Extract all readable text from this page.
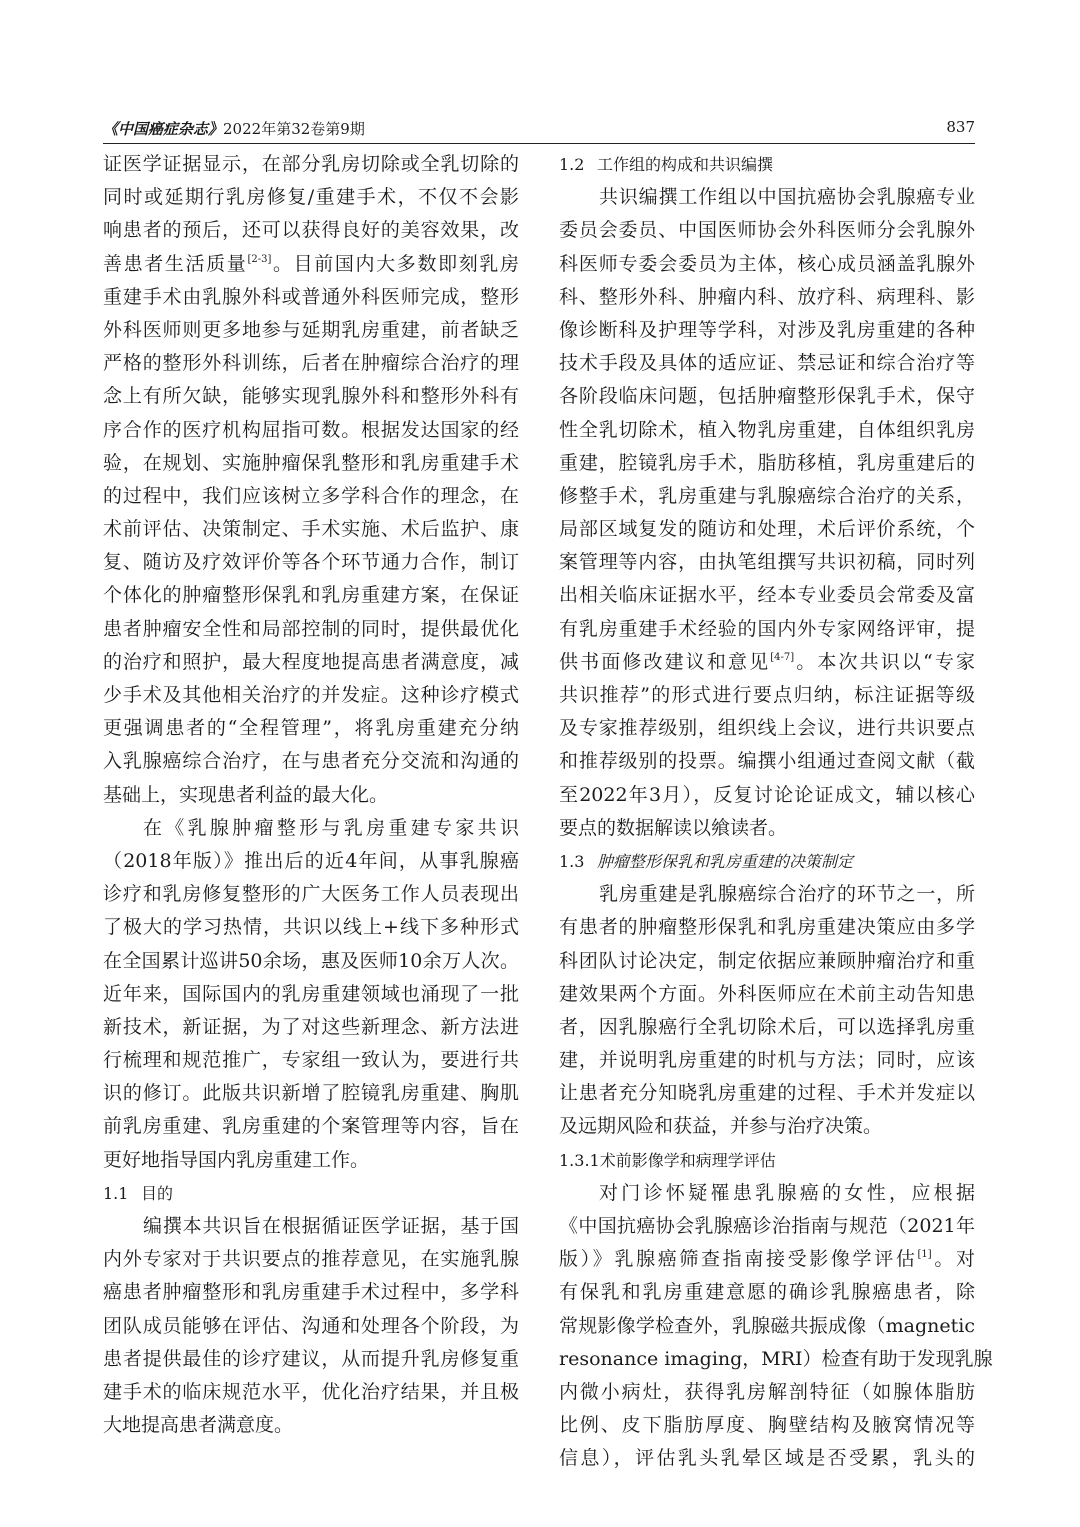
《中国癌症杂志》2022年第32卷第9期	837
证医学证据显示，在部分乳房切除或全乳切除的
同时或延期行乳房修复/重建手术，不仅不会影
响患者的预后，还可以获得良好的美容效果，改
善患者生活质量[2-3]。目前国内大多数即刻乳房
重建手术由乳腺外科或普通外科医师完成，整形
外科医师则更多地参与延期乳房重建，前者缺乏
严格的整形外科训练，后者在肿瘤综合治疗的理
念上有所欠缺，能够实现乳腺外科和整形外科有
序合作的医疗机构屈指可数。根据发达国家的经
验，在规划、实施肿瘤保乳整形和乳房重建手术
的过程中，我们应该树立多学科合作的理念，在
术前评估、决策制定、手术实施、术后监护、康
复、随访及疗效评价等各个环节通力合作，制订
个体化的肿瘤整形保乳和乳房重建方案，在保证
患者肿瘤安全性和局部控制的同时，提供最优化
的治疗和照护，最大程度地提高患者满意度，减
少手术及其他相关治疗的并发症。这种诊疗模式
更强调患者的“全程管理”，将乳房重建充分纳
入乳腺癌综合治疗，在与患者充分交流和沟通的
基础上，实现患者利益的最大化。
在《乳腺肿瘤整形与乳房重建专家共识
（2018年版）》推出后的近4年间，从事乳腺癌
诊疗和乳房修复整形的广大医务工作人员表现出
了极大的学习热情，共识以线上+线下多种形式
在全国累计巡讲50余场，惠及医师10余万人次。
近年来，国际国内的乳房重建领域也涌现了一批
新技术，新证据，为了对这些新理念、新方法进
行梳理和规范推广，专家组一致认为，要进行共
识的修订。此版共识新增了腔镜乳房重建、胸肌
前乳房重建、乳房重建的个案管理等内容，旨在
更好地指导国内乳房重建工作。
1.1 目的
编撰本共识旨在根据循证医学证据，基于国
内外专家对于共识要点的推荐意见，在实施乳腺
癌患者肿瘤整形和乳房重建手术过程中，多学科
团队成员能够在评估、沟通和处理各个阶段，为
患者提供最佳的诊疗建议，从而提升乳房修复重
建手术的临床规范水平，优化治疗结果，并且极
大地提高患者满意度。
1.2 工作组的构成和共识编撰
共识编撰工作组以中国抗癌协会乳腺癌专业
委员会委员、中国医师协会外科医师分会乳腺外
科医师专委会委员为主体，核心成员涵盖乳腺外
科、整形外科、肿瘤内科、放疗科、病理科、影
像诊断科及护理等学科，对涉及乳房重建的各种
技术手段及具体的适应证、禁忌证和综合治疗等
各阶段临床问题，包括肿瘤整形保乳手术，保守
性全乳切除术，植入物乳房重建，自体组织乳房
重建，腔镜乳房手术，脂肪移植，乳房重建后的
修整手术，乳房重建与乳腺癌综合治疗的关系，
局部区域复发的随访和处理，术后评价系统，个
案管理等内容，由执笔组撰写共识初稿，同时列
出相关临床证据水平，经本专业委员会常委及富
有乳房重建手术经验的国内外专家网络评审，提
供书面修改建议和意见[4-7]。本次共识以“专家
共识推荐”的形式进行要点归纳，标注证据等级
及专家推荐级别，组织线上会议，进行共识要点
和推荐级别的投票。编撰小组通过查阅文献（截
至2022年3月），反复讨论论证成文，辅以核心
要点的数据解读以飨读者。
1.3 肿瘤整形保乳和乳房重建的决策制定
乳房重建是乳腺癌综合治疗的环节之一，所
有患者的肿瘤整形保乳和乳房重建决策应由多学
科团队讨论决定，制定依据应兼顾肿瘤治疗和重
建效果两个方面。外科医师应在术前主动告知患
者，因乳腺癌行全乳切除术后，可以选择乳房重
建，并说明乳房重建的时机与方法；同时，应该
让患者充分知晓乳房重建的过程、手术并发症以
及远期风险和获益，并参与治疗决策。
1.3.1术前影像学和病理学评估
对门诊怀疑罹患乳腺癌的女性，应根据
《中国抗癌协会乳腺癌诊治指南与规范（2021年
版）》乳腺癌筛查指南接受影像学评估[1]。对
有保乳和乳房重建意愿的确诊乳腺癌患者，除
常规影像学检查外，乳腺磁共振成像（magnetic
resonance imaging，MRI）检查有助于发现乳腺
内微小病灶，获得乳房解剖特征（如腺体脂肪
比例、皮下脂肪厚度、胸壁结构及腋窝情况等
信息），评估乳头乳晕区域是否受累，乳头的
